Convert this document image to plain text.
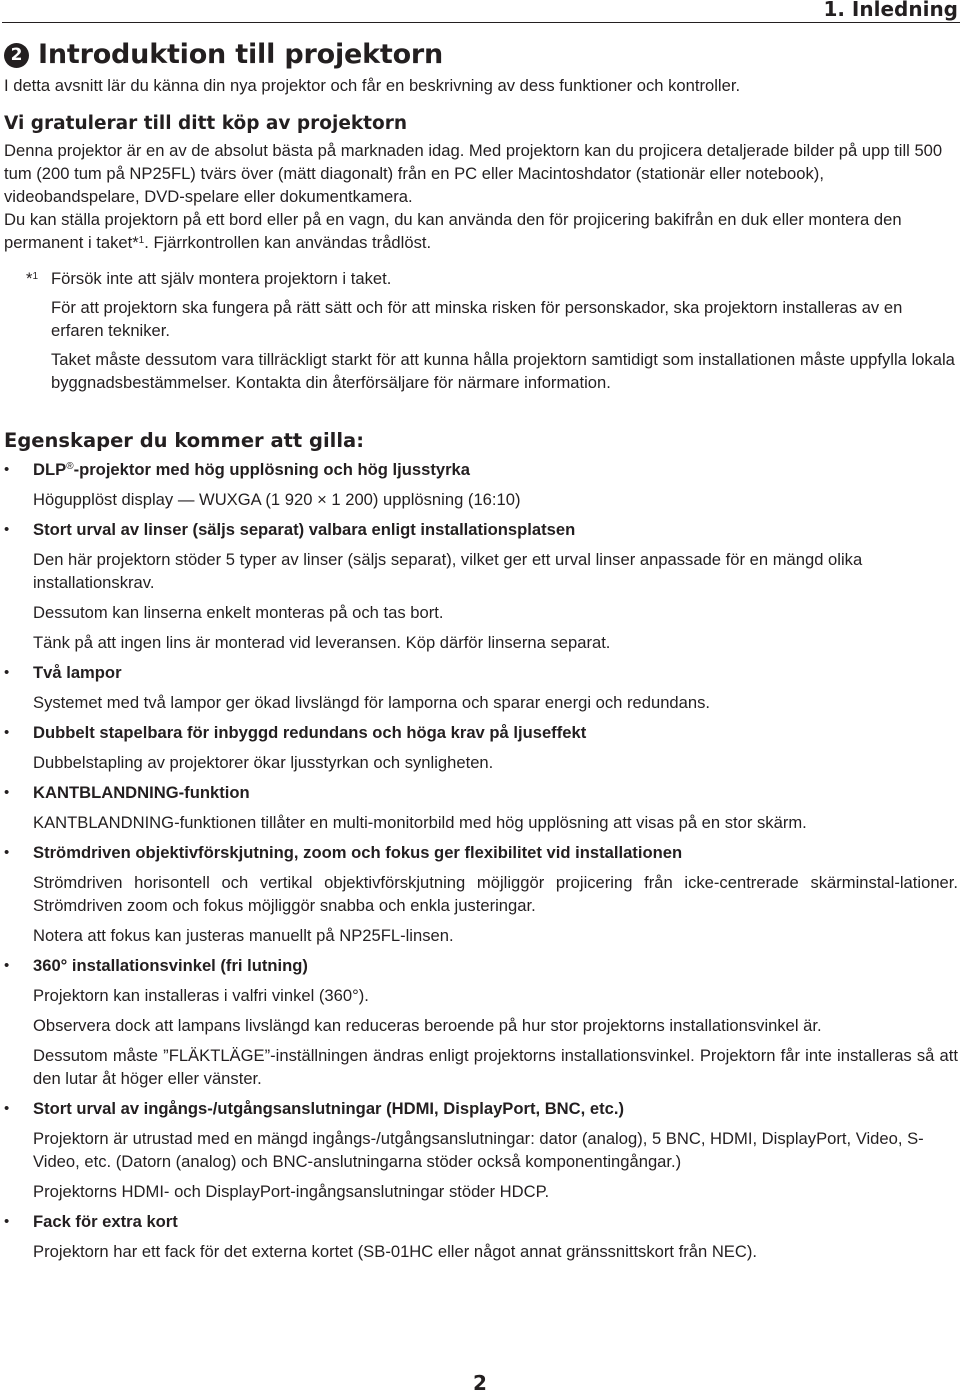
1. Inledning
2 Introduktion till projektorn

I detta avsnitt lär du känna din nya projektor och får en beskrivning av dess funktioner och kontroller.

Vi gratulerar till ditt köp av projektorn

Denna projektor är en av de absolut bästa på marknaden idag. Med projektorn kan du projicera detaljerade bilder på upp till 500 tum (200 tum på NP25FL) tvärs över (mätt diagonalt) från en PC eller Macintoshdator (stationär eller notebook), videobandspelare, DVD-spelare eller dokumentkamera.

Du kan ställa projektorn på ett bord eller på en vagn, du kan använda den för projicering bakifrån en duk eller montera den permanent i taket*$^1$. Fjärrkontrollen kan användas trådlöst.

*$^1$ Försök inte att själv montera projektorn i taket.

För att projektorn ska fungera på rätt sätt och för att minska risken för personskador, ska projektorn installeras av en erfaren tekniker.

Taket måste dessutom vara tillräckligt starkt för att kunna hålla projektorn samtidigt som installationen måste uppfylla lokala byggnadsbestämmelser. Kontakta din återförsäljare för närmare information.

Egenskaper du kommer att gilla:
•	DLP®-projektor med hög upplösning och hög ljusstyrka

Högupplöst display — WUXGA (1 920 × 1 200) upplösning (16:10)

•	Stort urval av linser (säljs separat) valbara enligt installationsplatsen

Den här projektorn stöder 5 typer av linser (säljs separat), vilket ger ett urval linser anpassade för en mängd olika installationskrav.

Dessutom kan linserna enkelt monteras på och tas bort.

Tänk på att ingen lins är monterad vid leveransen. Köp därför linserna separat.

•	Två lampor

Systemet med två lampor ger ökad livslängd för lamporna och sparar energi och redundans.

•	Dubbelt stapelbara för inbyggd redundans och höga krav på ljuseffekt

Dubbelstapling av projektorer ökar ljusstyrkan och synligheten.

•	KANTBLANDNING-funktion

KANTBLANDNING-funktionen tillåter en multi-monitorbild med hög upplösning att visas på en stor skärm.

•	Strömdriven objektivförskjutning, zoom och fokus ger flexibilitet vid installationen

Strömdriven horisontell och vertikal objektivförskjutning möjliggör projicering från icke-centrerade skärminstal-lationer. Strömdriven zoom och fokus möjliggör snabba och enkla justeringar.

Notera att fokus kan justeras manuellt på NP25FL-linsen.

•	360° installationsvinkel (fri lutning)

Projektorn kan installeras i valfri vinkel (360°).

Observera dock att lampans livslängd kan reduceras beroende på hur stor projektorns installationsvinkel är.

Dessutom måste ”FLÄKTLÄGE”-inställningen ändras enligt projektorns installationsvinkel. Projektorn får inte installeras så att den lutar åt höger eller vänster.

•	Stort urval av ingångs-/utgångsanslutningar (HDMI, DisplayPort, BNC, etc.)

Projektorn är utrustad med en mängd ingångs-/utgångsanslutningar: dator (analog), 5 BNC, HDMI, DisplayPort, Video, S-Video, etc. (Datorn (analog) och BNC-anslutningarna stöder också komponentingångar.)

Projektorns HDMI- och DisplayPort-ingångsanslutningar stöder HDCP.

•	Fack för extra kort

Projektorn har ett fack för det externa kortet (SB-01HC eller något annat gränssnittskort från NEC).

2
